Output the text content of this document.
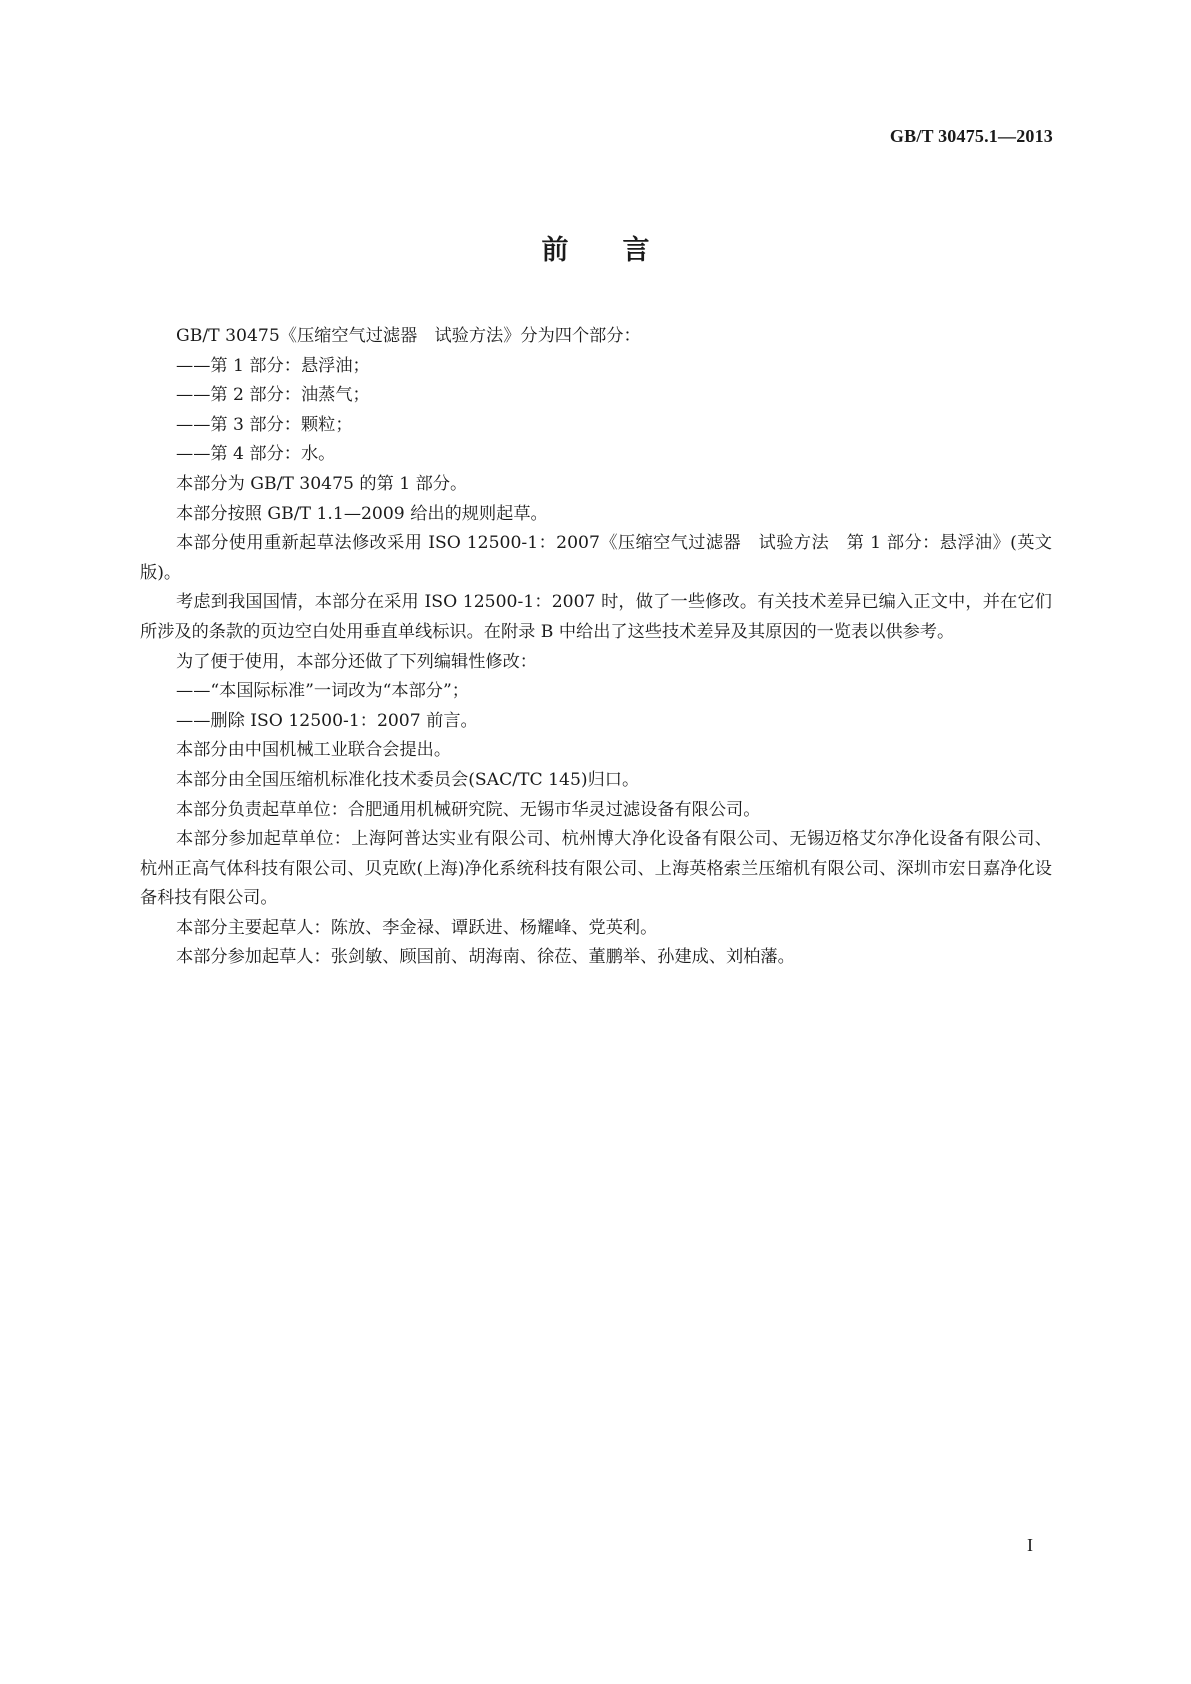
GB/T 30475.1—2013
前言

GB/T 30475《压缩空气过滤器　试验方法》分为四个部分：

——第 1 部分：悬浮油；

——第 2 部分：油蒸气；

——第 3 部分：颗粒；

——第 4 部分：水。

本部分为 GB/T 30475 的第 1 部分。

本部分按照 GB/T 1.1—2009 给出的规则起草。

本部分使用重新起草法修改采用 ISO 12500-1：2007《压缩空气过滤器　试验方法　第 1 部分：悬浮油》(英文版)。

考虑到我国国情，本部分在采用 ISO 12500-1：2007 时，做了一些修改。有关技术差异已编入正文中，并在它们所涉及的条款的页边空白处用垂直单线标识。在附录 B 中给出了这些技术差异及其原因的一览表以供参考。

为了便于使用，本部分还做了下列编辑性修改：

——“本国际标准”一词改为“本部分”；

——删除 ISO 12500-1：2007 前言。

本部分由中国机械工业联合会提出。

本部分由全国压缩机标准化技术委员会(SAC/TC 145)归口。

本部分负责起草单位：合肥通用机械研究院、无锡市华灵过滤设备有限公司。

本部分参加起草单位：上海阿普达实业有限公司、杭州博大净化设备有限公司、无锡迈格艾尔净化设备有限公司、杭州正高气体科技有限公司、贝克欧(上海)净化系统科技有限公司、上海英格索兰压缩机有限公司、深圳市宏日嘉净化设备科技有限公司。

本部分主要起草人：陈放、李金禄、谭跃进、杨耀峰、党英利。

本部分参加起草人：张剑敏、顾国前、胡海南、徐莅、董鹏举、孙建成、刘柏藩。

I
